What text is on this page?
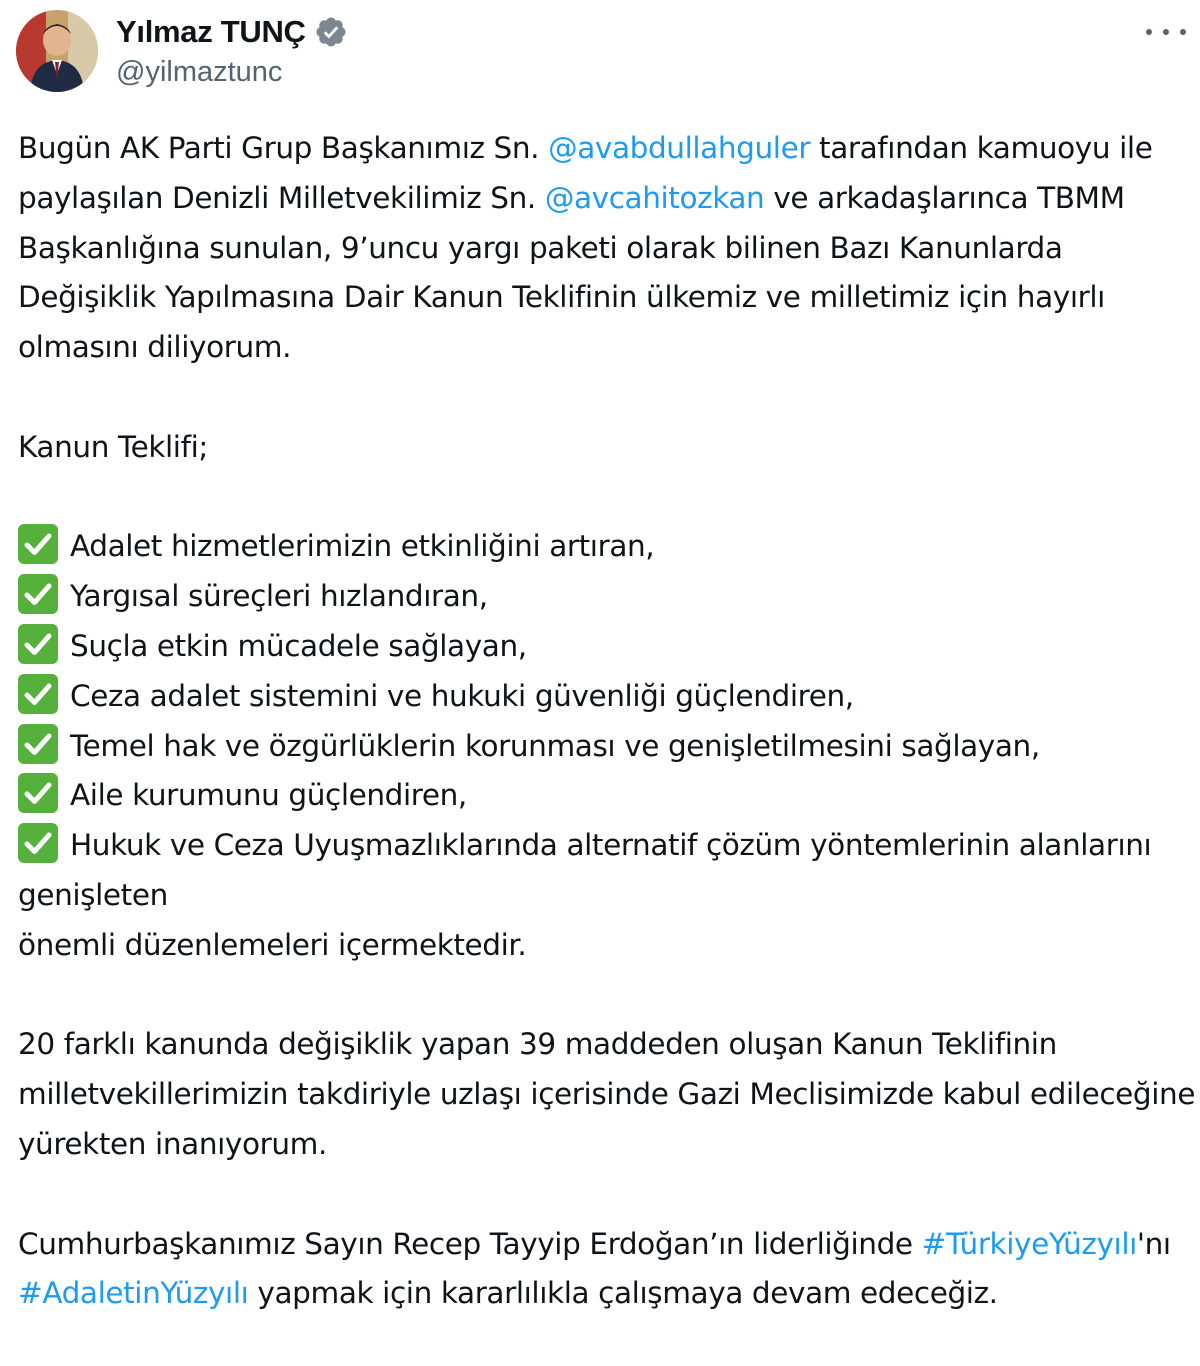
Yılmaz TUNÇ
@yilmaztunc

Bugün AK Parti Grup Başkanımız Sn. @avabdullahguler tarafından kamuoyu ile paylaşılan Denizli Milletvekilimiz Sn. @avcahitozkan ve arkadaşlarınca TBMM Başkanlığına sunulan, 9’uncu yargı paketi olarak bilinen Bazı Kanunlarda Değişiklik Yapılmasına Dair Kanun Teklifinin ülkemiz ve milletimiz için hayırlı olmasını diliyorum.

Kanun Teklifi;

Adalet hizmetlerimizin etkinliğini artıran,

Yargısal süreçleri hızlandıran,

Suçla etkin mücadele sağlayan,

Ceza adalet sistemini ve hukuki güvenliği güçlendiren,

Temel hak ve özgürlüklerin korunması ve genişletilmesini sağlayan,

Aile kurumunu güçlendiren,

Hukuk ve Ceza Uyuşmazlıklarında alternatif çözüm yöntemlerinin alanlarını genişleten

önemli düzenlemeleri içermektedir.

20 farklı kanunda değişiklik yapan 39 maddeden oluşan Kanun Teklifinin milletvekillerimizin takdiriyle uzlaşı içerisinde Gazi Meclisimizde kabul edileceğine yürekten inanıyorum.

Cumhurbaşkanımız Sayın Recep Tayyip Erdoğan’ın liderliğinde #TürkiyeYüzyılı'nı #AdaletinYüzyılı yapmak için kararlılıkla çalışmaya devam edeceğiz.
